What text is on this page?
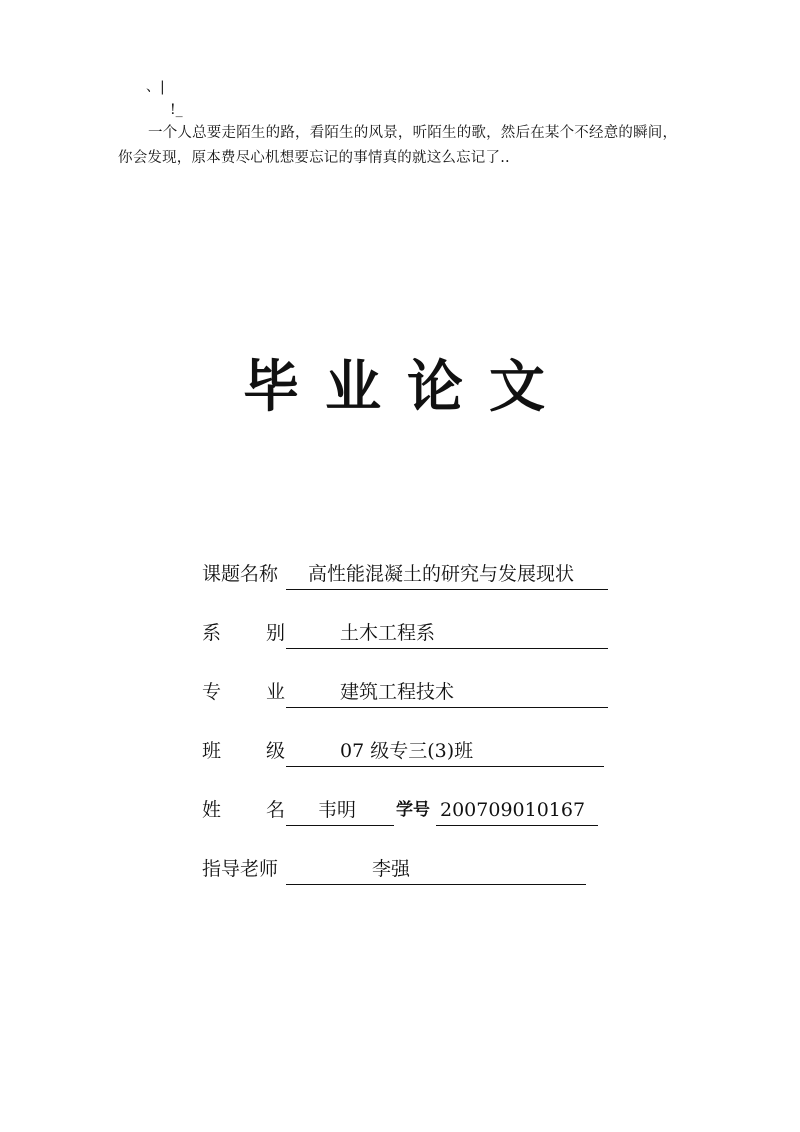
、|
!_
一个人总要走陌生的路，看陌生的风景，听陌生的歌，然后在某个不经意的瞬间，
你会发现，原本费尽心机想要忘记的事情真的就这么忘记了..
毕业论文
课题名称	高性能混凝土的研究与发展现状
系 别	土木工程系
专 业	建筑工程技术
班 级	07 级专三(3)班
姓 名	韦明	学号 200709010167
指导老师	李强
